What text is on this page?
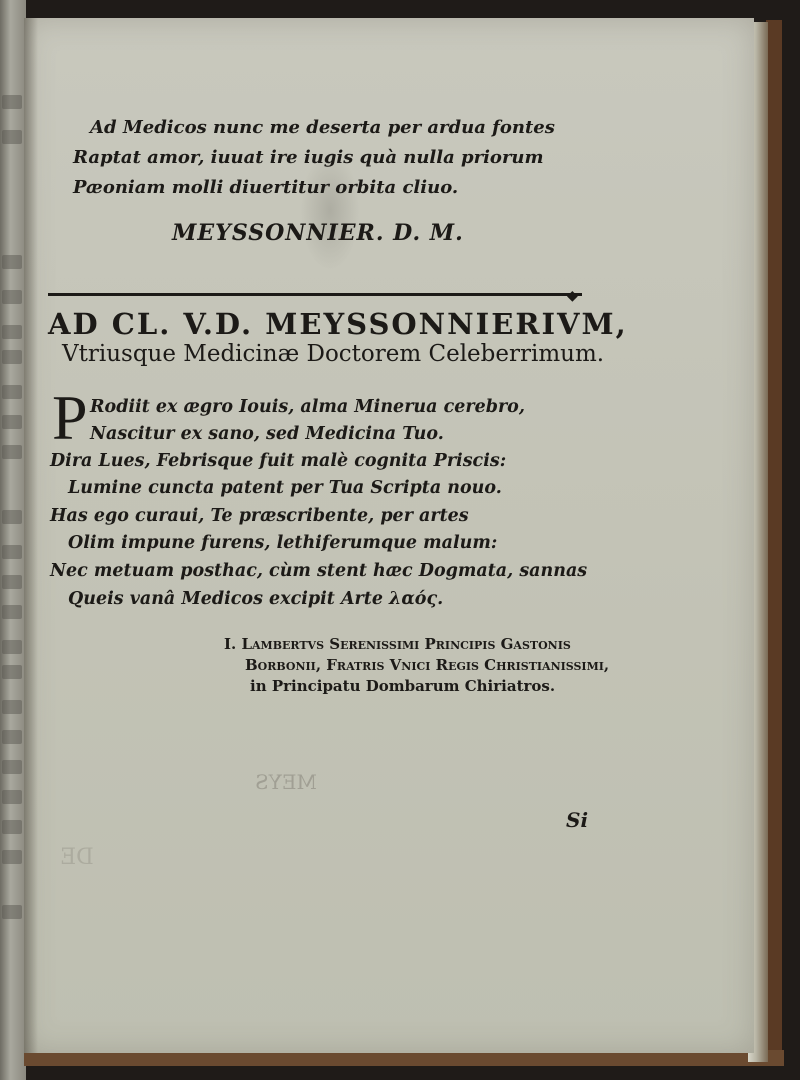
Ad Medicos nunc me deserta per ardua fontes
Raptat amor, iuuat ire iugis quà nulla priorum
Pæoniam molli diuertitur orbita cliuo.
MEYSSONNIER. D. M.
◆
AD CL. V.D. MEYSSONNIERIVM,
Vtriusque Medicinæ Doctorem Celeberrimum.
P Rodiit ex ægro Iouis, alma Minerua cerebro,
Nascitur ex sano, sed Medicina Tuo.
Dira Lues, Febrisque fuit malè cognita Priscis:
Lumine cuncta patent per Tua Scripta nouo.
Has ego curaui, Te præscribente, per artes
Olim impune furens, lethiferumque malum:
Nec metuam posthac, cùm stent hæc Dogmata, sannas
Queis vanâ Medicos excipit Arte λαός.
I. Lambertvs Serenissimi Principis Gastonis
Borbonii, Fratris Vnici Regis Christianissimi,
in Principatu Dombarum Chiriatros.
MEYS
DE
Si
